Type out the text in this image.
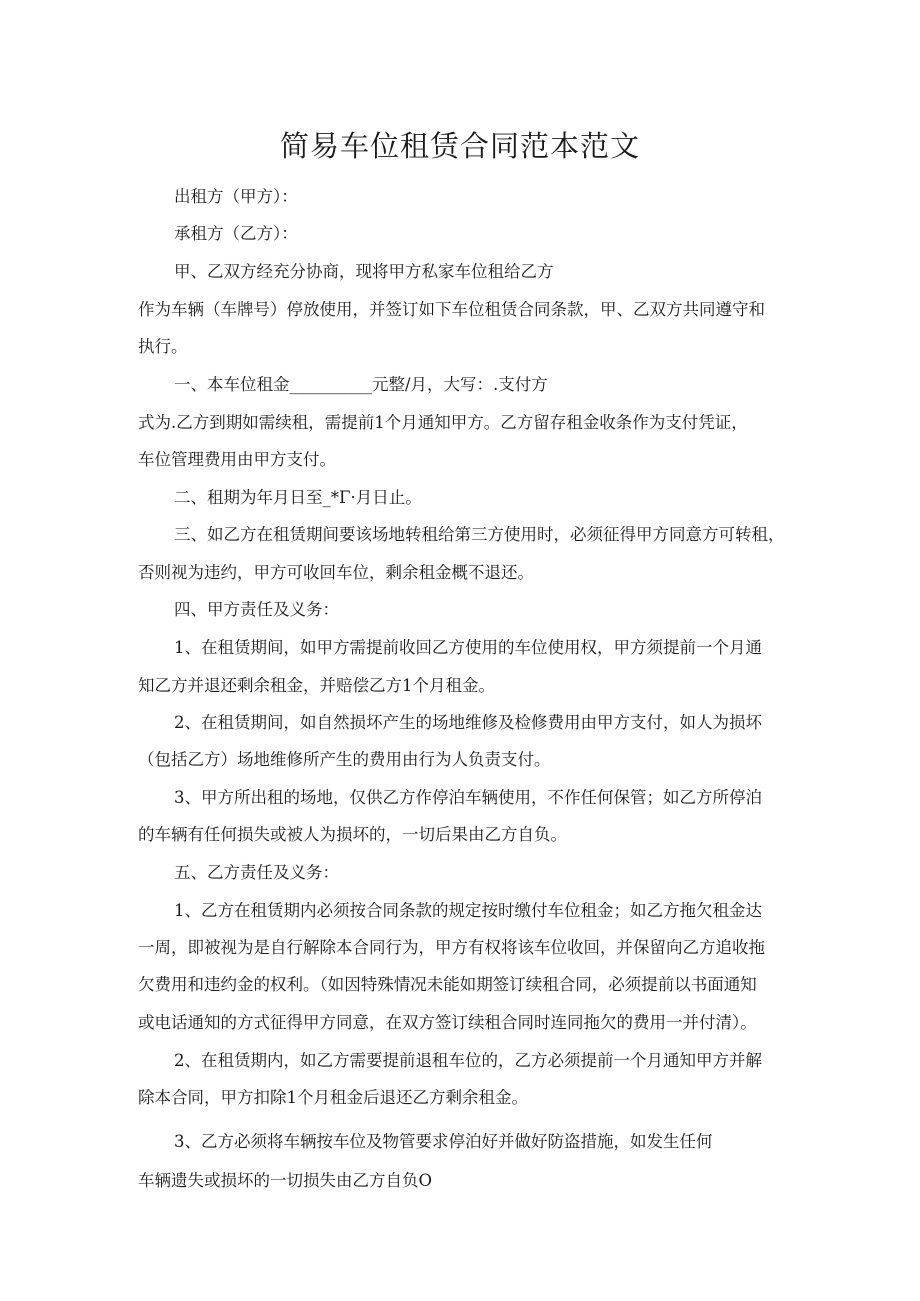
简易车位租赁合同范本范文

出租方（甲方）：

承租方（乙方）：

甲、乙双方经充分协商，现将甲方私家车位租给乙方

作为车辆（车牌号）停放使用，并签订如下车位租赁合同条款，甲、乙双方共同遵守和

执行。

一、本车位租金__________元整/月，大写：.支付方

式为.乙方到期如需续租，需提前1个月通知甲方。乙方留存租金收条作为支付凭证，

车位管理费用由甲方支付。

二、租期为年月日至_*Γ·月日止。

三、如乙方在租赁期间要该场地转租给第三方使用时，必须征得甲方同意方可转租，

否则视为违约，甲方可收回车位，剩余租金概不退还。

四、甲方责任及义务：

1、在租赁期间，如甲方需提前收回乙方使用的车位使用权，甲方须提前一个月通

知乙方并退还剩余租金，并赔偿乙方1个月租金。

2、在租赁期间，如自然损坏产生的场地维修及检修费用由甲方支付，如人为损坏

（包括乙方）场地维修所产生的费用由行为人负责支付。

3、甲方所出租的场地，仅供乙方作停泊车辆使用，不作任何保管；如乙方所停泊

的车辆有任何损失或被人为损坏的，一切后果由乙方自负。

五、乙方责任及义务：

1、乙方在租赁期内必须按合同条款的规定按时缴付车位租金；如乙方拖欠租金达

一周，即被视为是自行解除本合同行为，甲方有权将该车位收回，并保留向乙方追收拖

欠费用和违约金的权利。（如因特殊情况未能如期签订续租合同，必须提前以书面通知

或电话通知的方式征得甲方同意，在双方签订续租合同时连同拖欠的费用一并付清）。

2、在租赁期内，如乙方需要提前退租车位的，乙方必须提前一个月通知甲方并解

除本合同，甲方扣除1个月租金后退还乙方剩余租金。

3、乙方必须将车辆按车位及物管要求停泊好并做好防盗措施，如发生任何

车辆遗失或损坏的一切损失由乙方自负O
